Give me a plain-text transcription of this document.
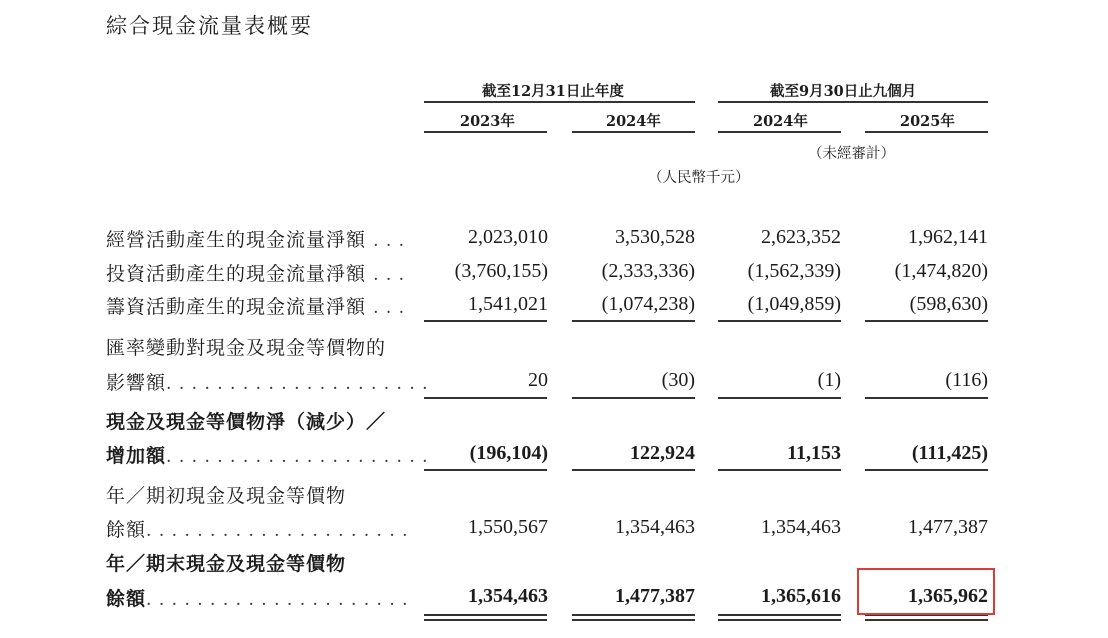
綜合現金流量表概要
截至12月31日止年度	截至9月30日止九個月
2023年	2024年	2024年	2025年
（未經審計）
（人民幣千元）
經營活動產生的現金流量淨額 . . .	2,023,010	3,530,528	2,623,352	1,962,141
投資活動產生的現金流量淨額 . . .	(3,760,155)	(2,333,336)	(1,562,339)	(1,474,820)
籌資活動產生的現金流量淨額 . . .	1,541,021	(1,074,238)	(1,049,859)	(598,630)
匯率變動對現金及現金等價物的
影響額. . . . . . . . . . . . . . . . . . . . .	20	(30)	(1)	(116)
現金及現金等價物淨（減少）／
增加額. . . . . . . . . . . . . . . . . . . . .	(196,104)	122,924	11,153	(111,425)
年／期初現金及現金等價物
餘額. . . . . . . . . . . . . . . . . . . . .	1,550,567	1,354,463	1,354,463	1,477,387
年／期末現金及現金等價物
餘額. . . . . . . . . . . . . . . . . . . . .	1,354,463	1,477,387	1,365,616	1,365,962
